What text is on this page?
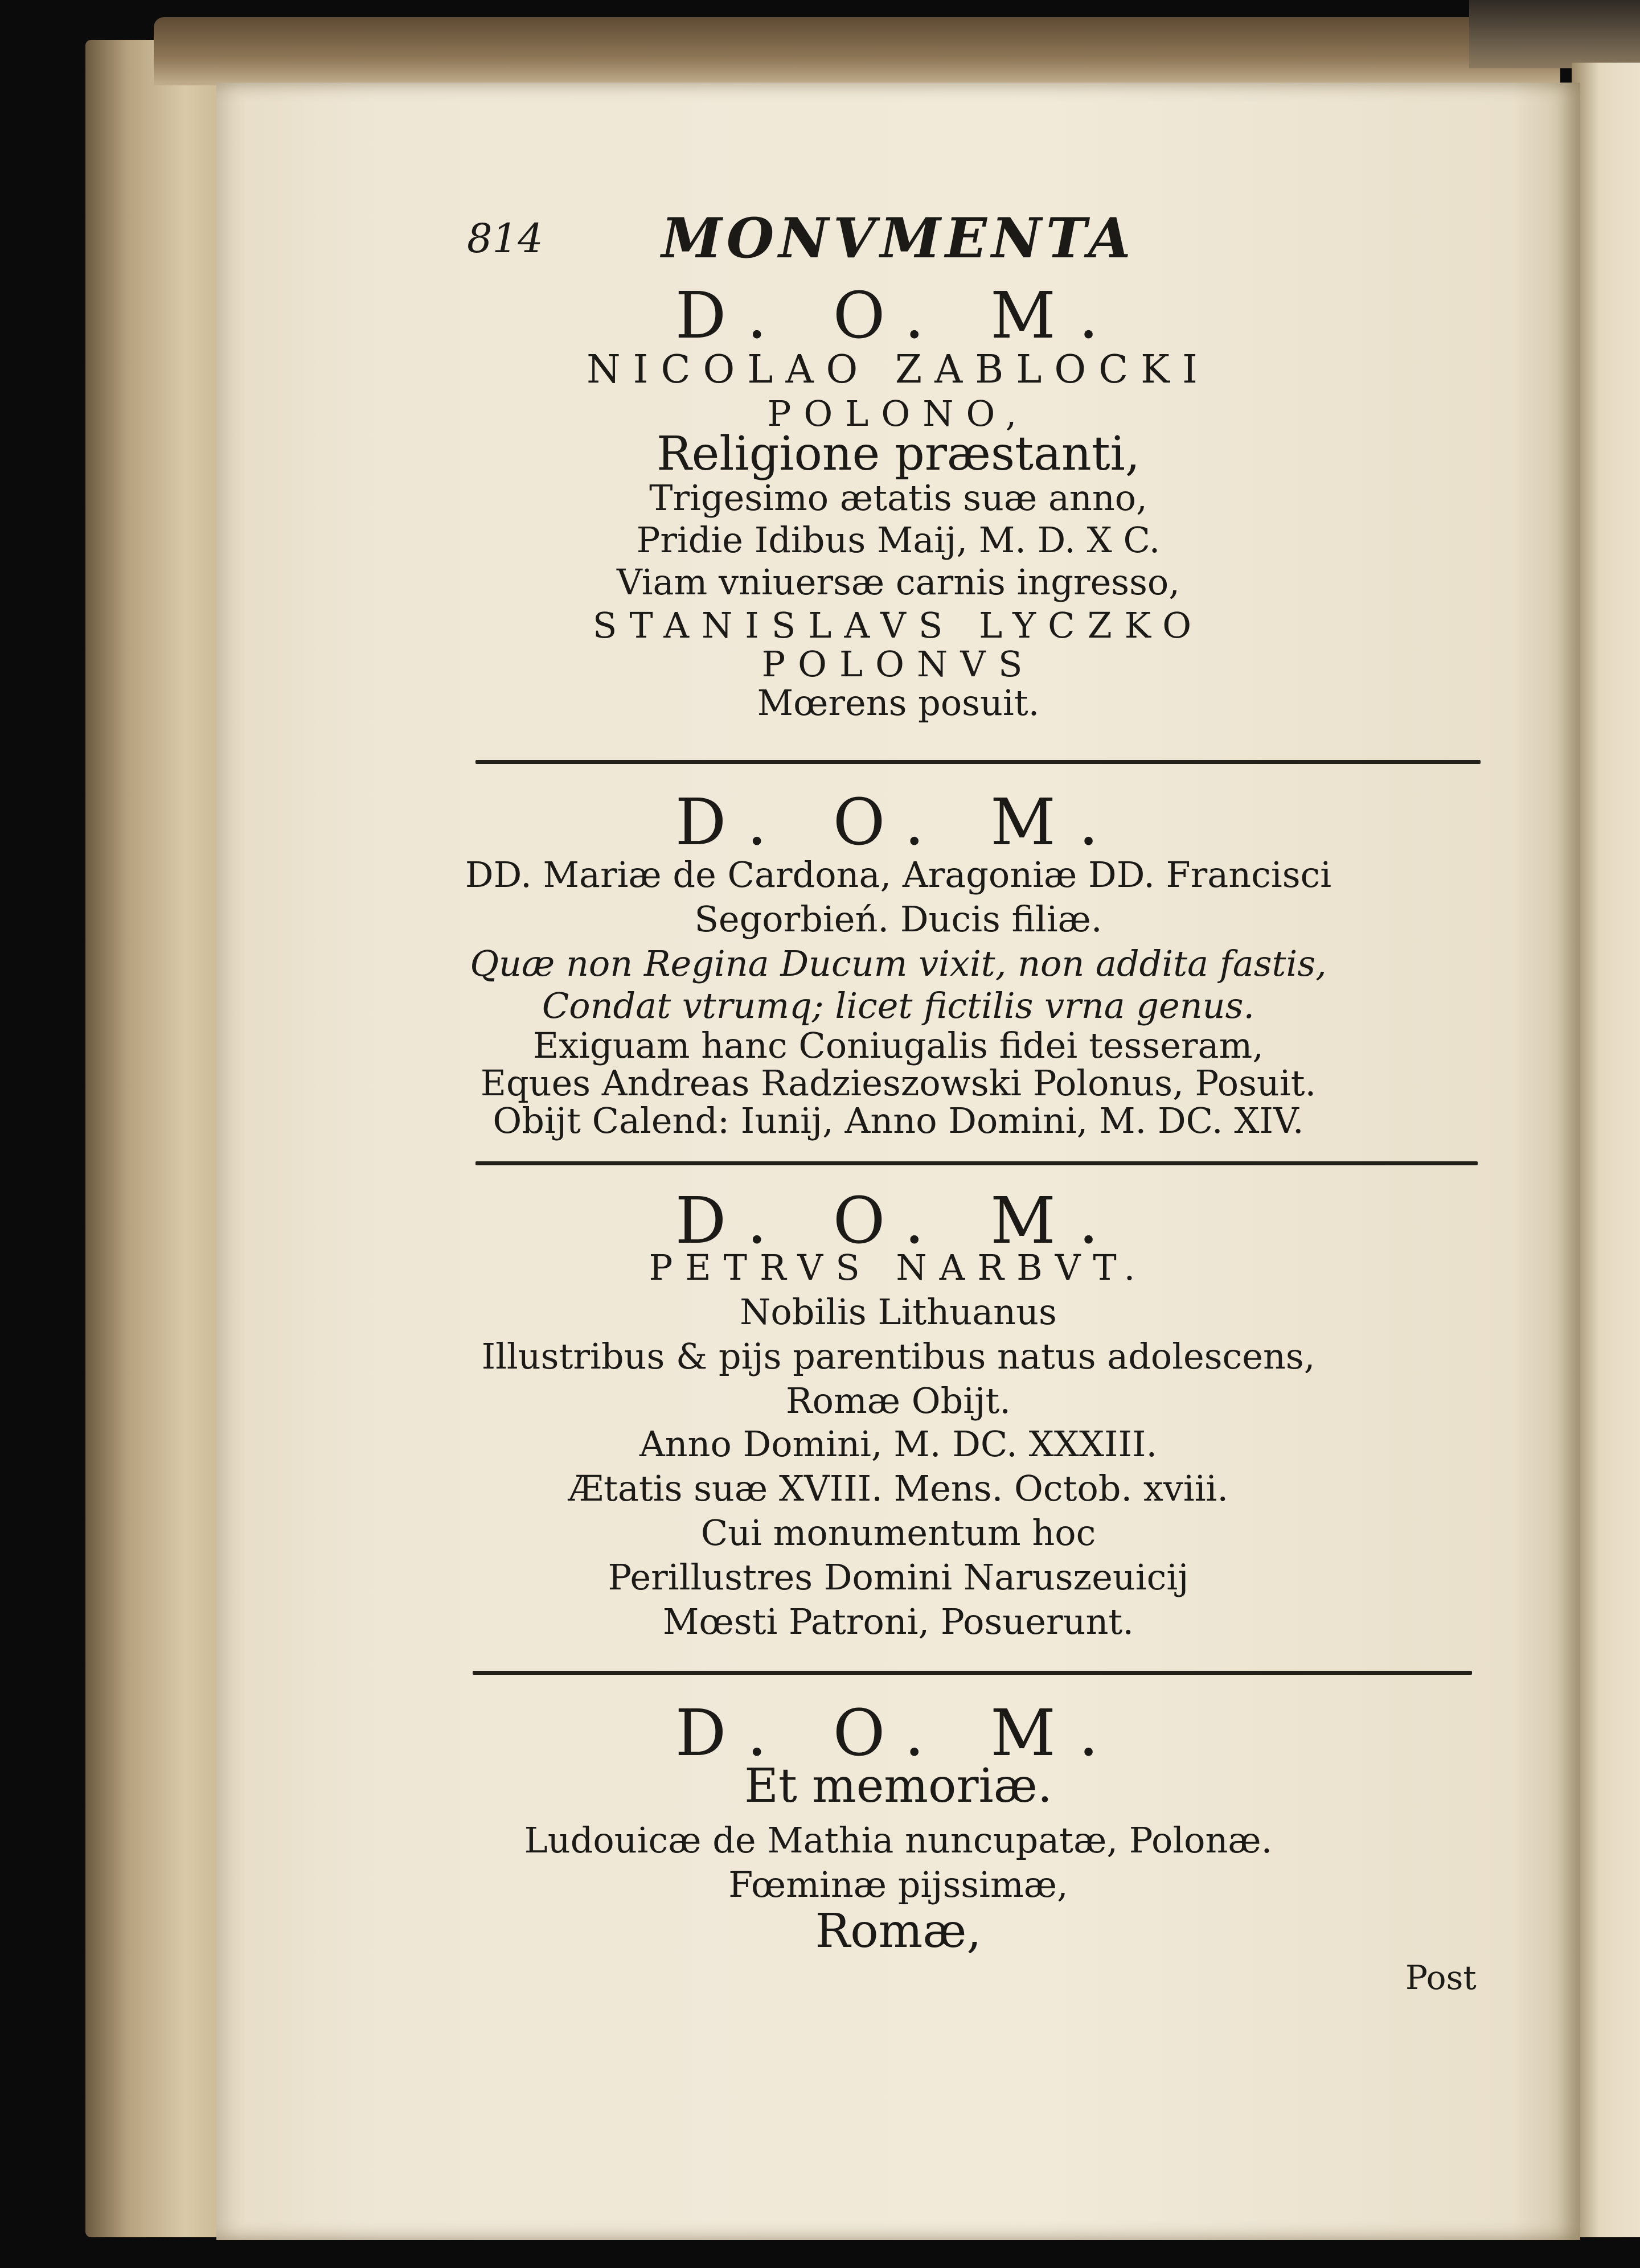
814	MONVMENTA
D. O. M.
NICOLAO ZABLOCKI
POLONO,
Religione præstanti,
Trigesimo ætatis suæ anno,
Pridie Idibus Maij, M. D. X C.
Viam vniuersæ carnis ingresso,
STANISLAVS LYCZKO
POLONVS
Mœrens posuit.
D. O. M.
DD. Mariæ de Cardona, Aragoniæ DD. Francisci
Segorbień. Ducis filiæ.
Quæ non Regina Ducum vixit, non addita fastis,
Condat vtrumq; licet fictilis vrna genus.
Exiguam hanc Coniugalis fidei tesseram,
Eques Andreas Radzieszowski Polonus, Posuit.
Obijt Calend: Iunij, Anno Domini, M. DC. XIV.
D. O. M.
PETRVS NARBVT.
Nobilis Lithuanus
Illustribus & pijs parentibus natus adolescens,
Romæ Obijt.
Anno Domini, M. DC. XXXIII.
Ætatis suæ XVIII. Mens. Octob. xviii.
Cui monumentum hoc
Perillustres Domini Naruszeuicij
Mœsti Patroni, Posuerunt.
D. O. M.
Et memoriæ.
Ludouicæ de Mathia nuncupatæ, Polonæ.
Fœminæ pijssimæ,
Romæ,
Post
